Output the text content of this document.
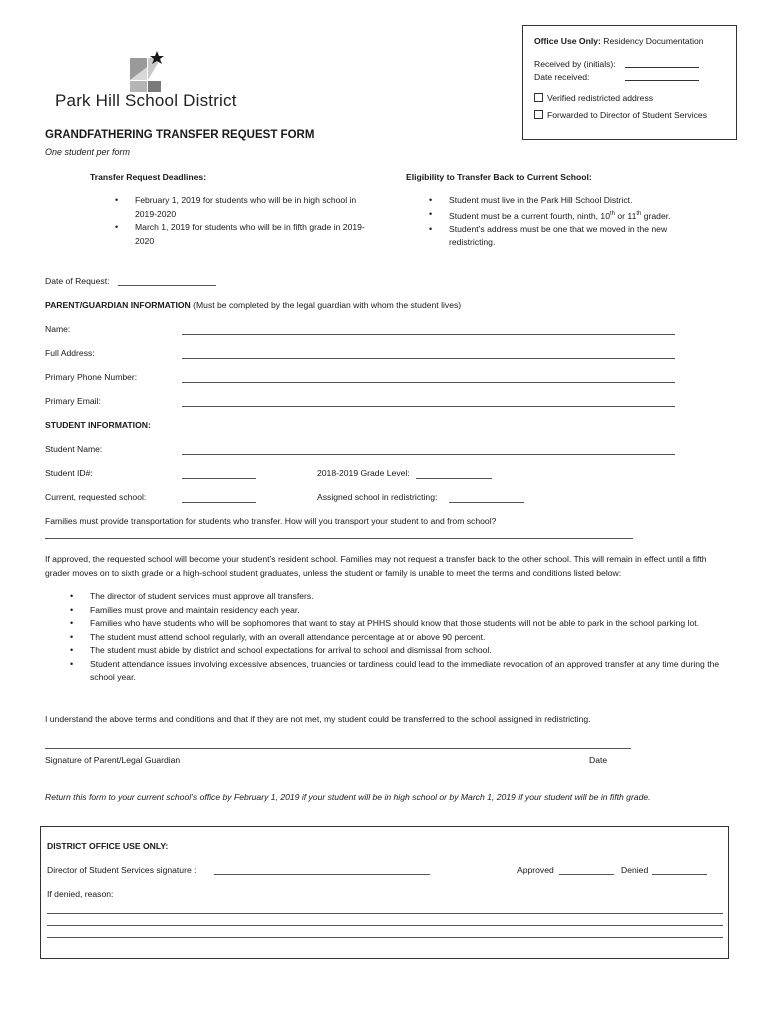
Office Use Only: Residency Documentation
Received by (initials):
Date received:
Verified redistricted address
Forwarded to Director of Student Services
Park Hill School District
GRANDFATHERING TRANSFER REQUEST FORM
One student per form
Transfer Request Deadlines:
• February 1, 2019 for students who will be in high school in 2019-2020
• March 1, 2019 for students who will be in fifth grade in 2019-2020
Eligibility to Transfer Back to Current School:
• Student must live in the Park Hill School District.
• Student must be a current fourth, ninth, 10th or 11th grader.
• Student’s address must be one that we moved in the new redistricting.
Date of Request:
PARENT/GUARDIAN INFORMATION (Must be completed by the legal guardian with whom the student lives)
Name:
Full Address:
Primary Phone Number:
Primary Email:
STUDENT INFORMATION:
Student Name:
Student ID#:	2018-2019 Grade Level:
Current, requested school:	Assigned school in redistricting:
Families must provide transportation for students who transfer. How will you transport your student to and from school?
If approved, the requested school will become your student’s resident school. Families may not request a transfer back to the other school. This will remain in effect until a fifth grader moves on to sixth grade or a high-school student graduates, unless the student or family is unable to meet the terms and conditions listed below:
• The director of student services must approve all transfers.
• Families must prove and maintain residency each year.
• Families who have students who will be sophomores that want to stay at PHHS should know that those students will not be able to park in the school parking lot.
• The student must attend school regularly, with an overall attendance percentage at or above 90 percent.
• The student must abide by district and school expectations for arrival to school and dismissal from school.
• Student attendance issues involving excessive absences, truancies or tardiness could lead to the immediate revocation of an approved transfer at any time during the school year.
I understand the above terms and conditions and that if they are not met, my student could be transferred to the school assigned in redistricting.
Signature of Parent/Legal Guardian	Date
Return this form to your current school’s office by February 1, 2019 if your student will be in high school or by March 1, 2019 if your student will be in fifth grade.
DISTRICT OFFICE USE ONLY:
Director of Student Services signature :	Approved	Denied
If denied, reason:
